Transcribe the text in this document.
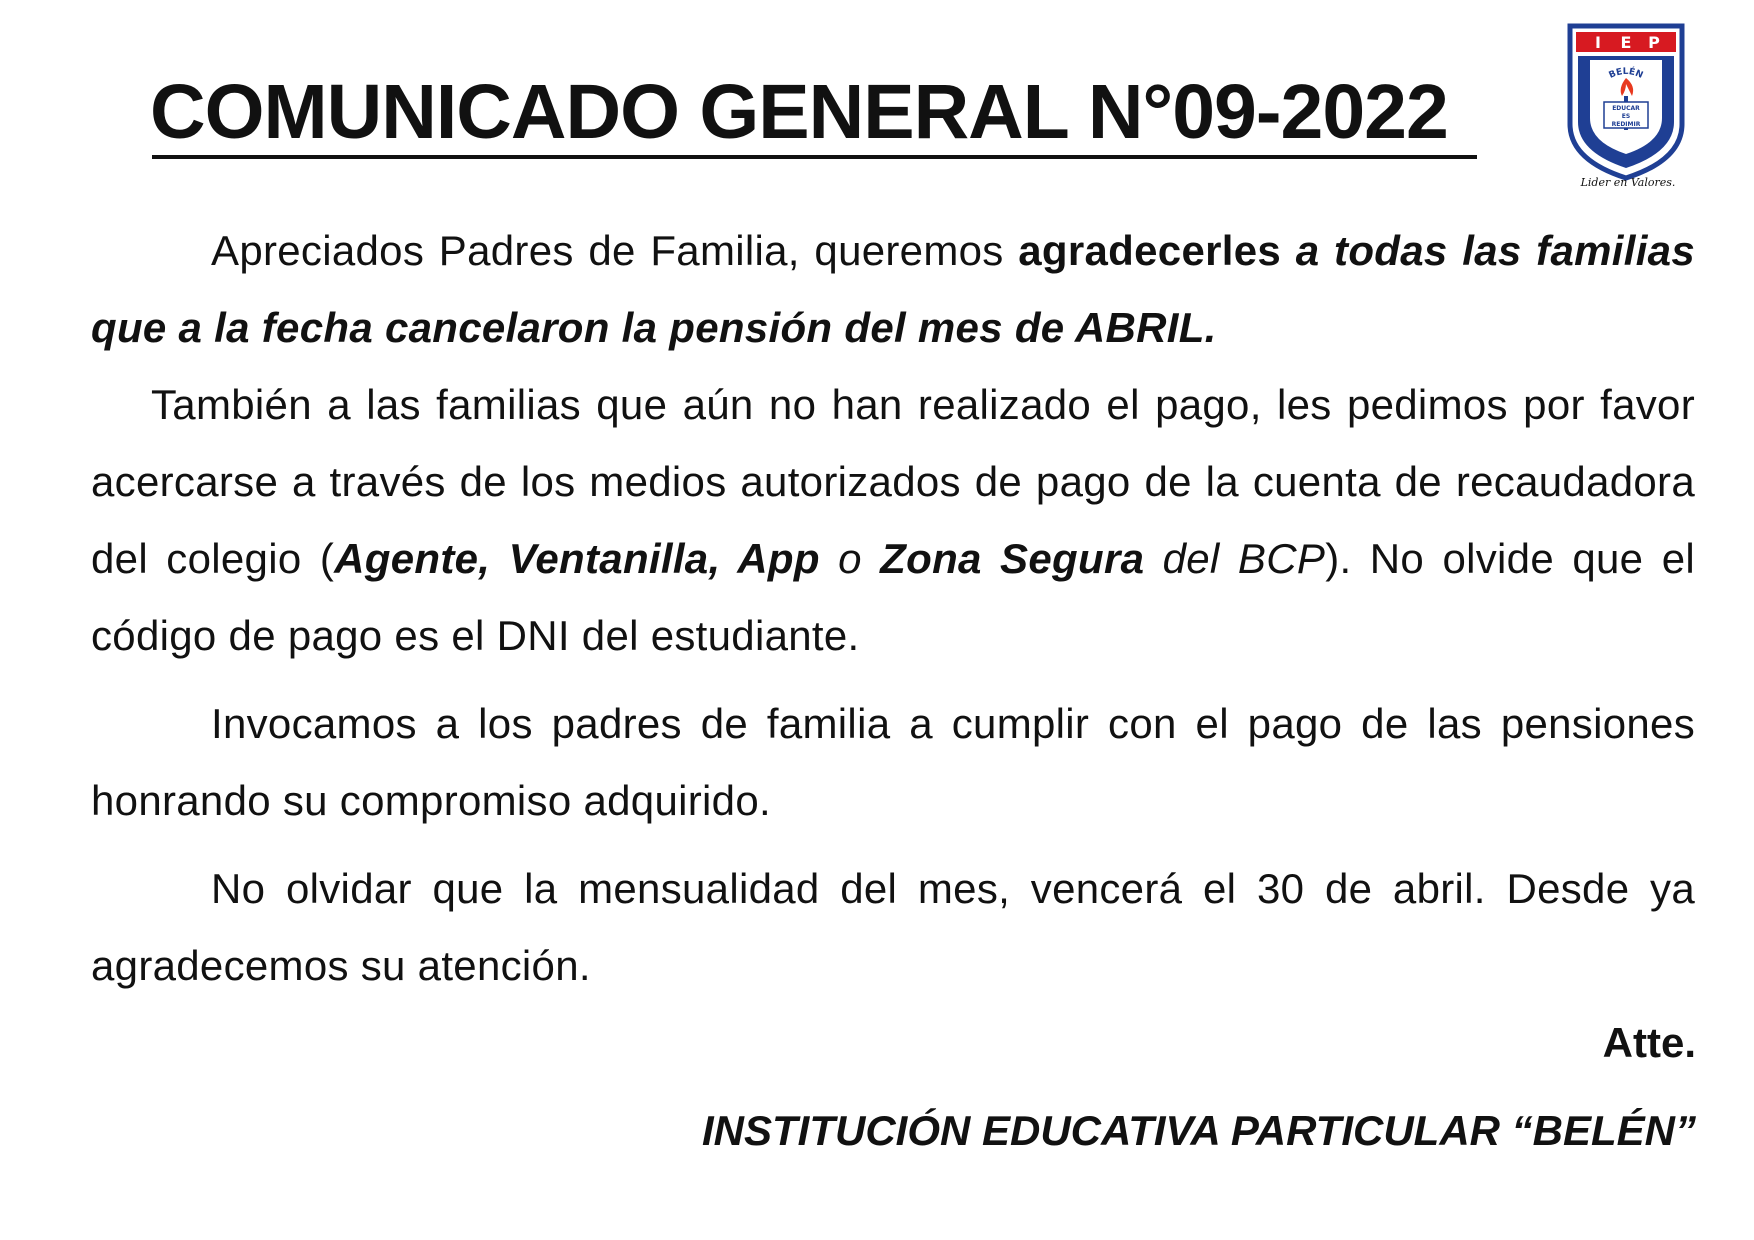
COMUNICADO GENERAL N°09-2022
I E P
BELÉN
EDUCAR
ES
REDIMIR
Lider en Valores.

Apreciados Padres de Familia, queremos agradecerles a todas las familias que a la fecha cancelaron la pensión del mes de ABRIL.

También a las familias que aún no han realizado el pago, les pedimos por favor acercarse a través de los medios autorizados de pago de la cuenta de recaudadora del colegio (Agente, Ventanilla, App o Zona Segura del BCP). No olvide que el código de pago es el DNI del estudiante.

Invocamos a los padres de familia a cumplir con el pago de las pensiones honrando su compromiso adquirido.

No olvidar que la mensualidad del mes, vencerá el 30 de abril. Desde ya agradecemos su atención.

Atte.
INSTITUCIÓN EDUCATIVA PARTICULAR “BELÉN”
